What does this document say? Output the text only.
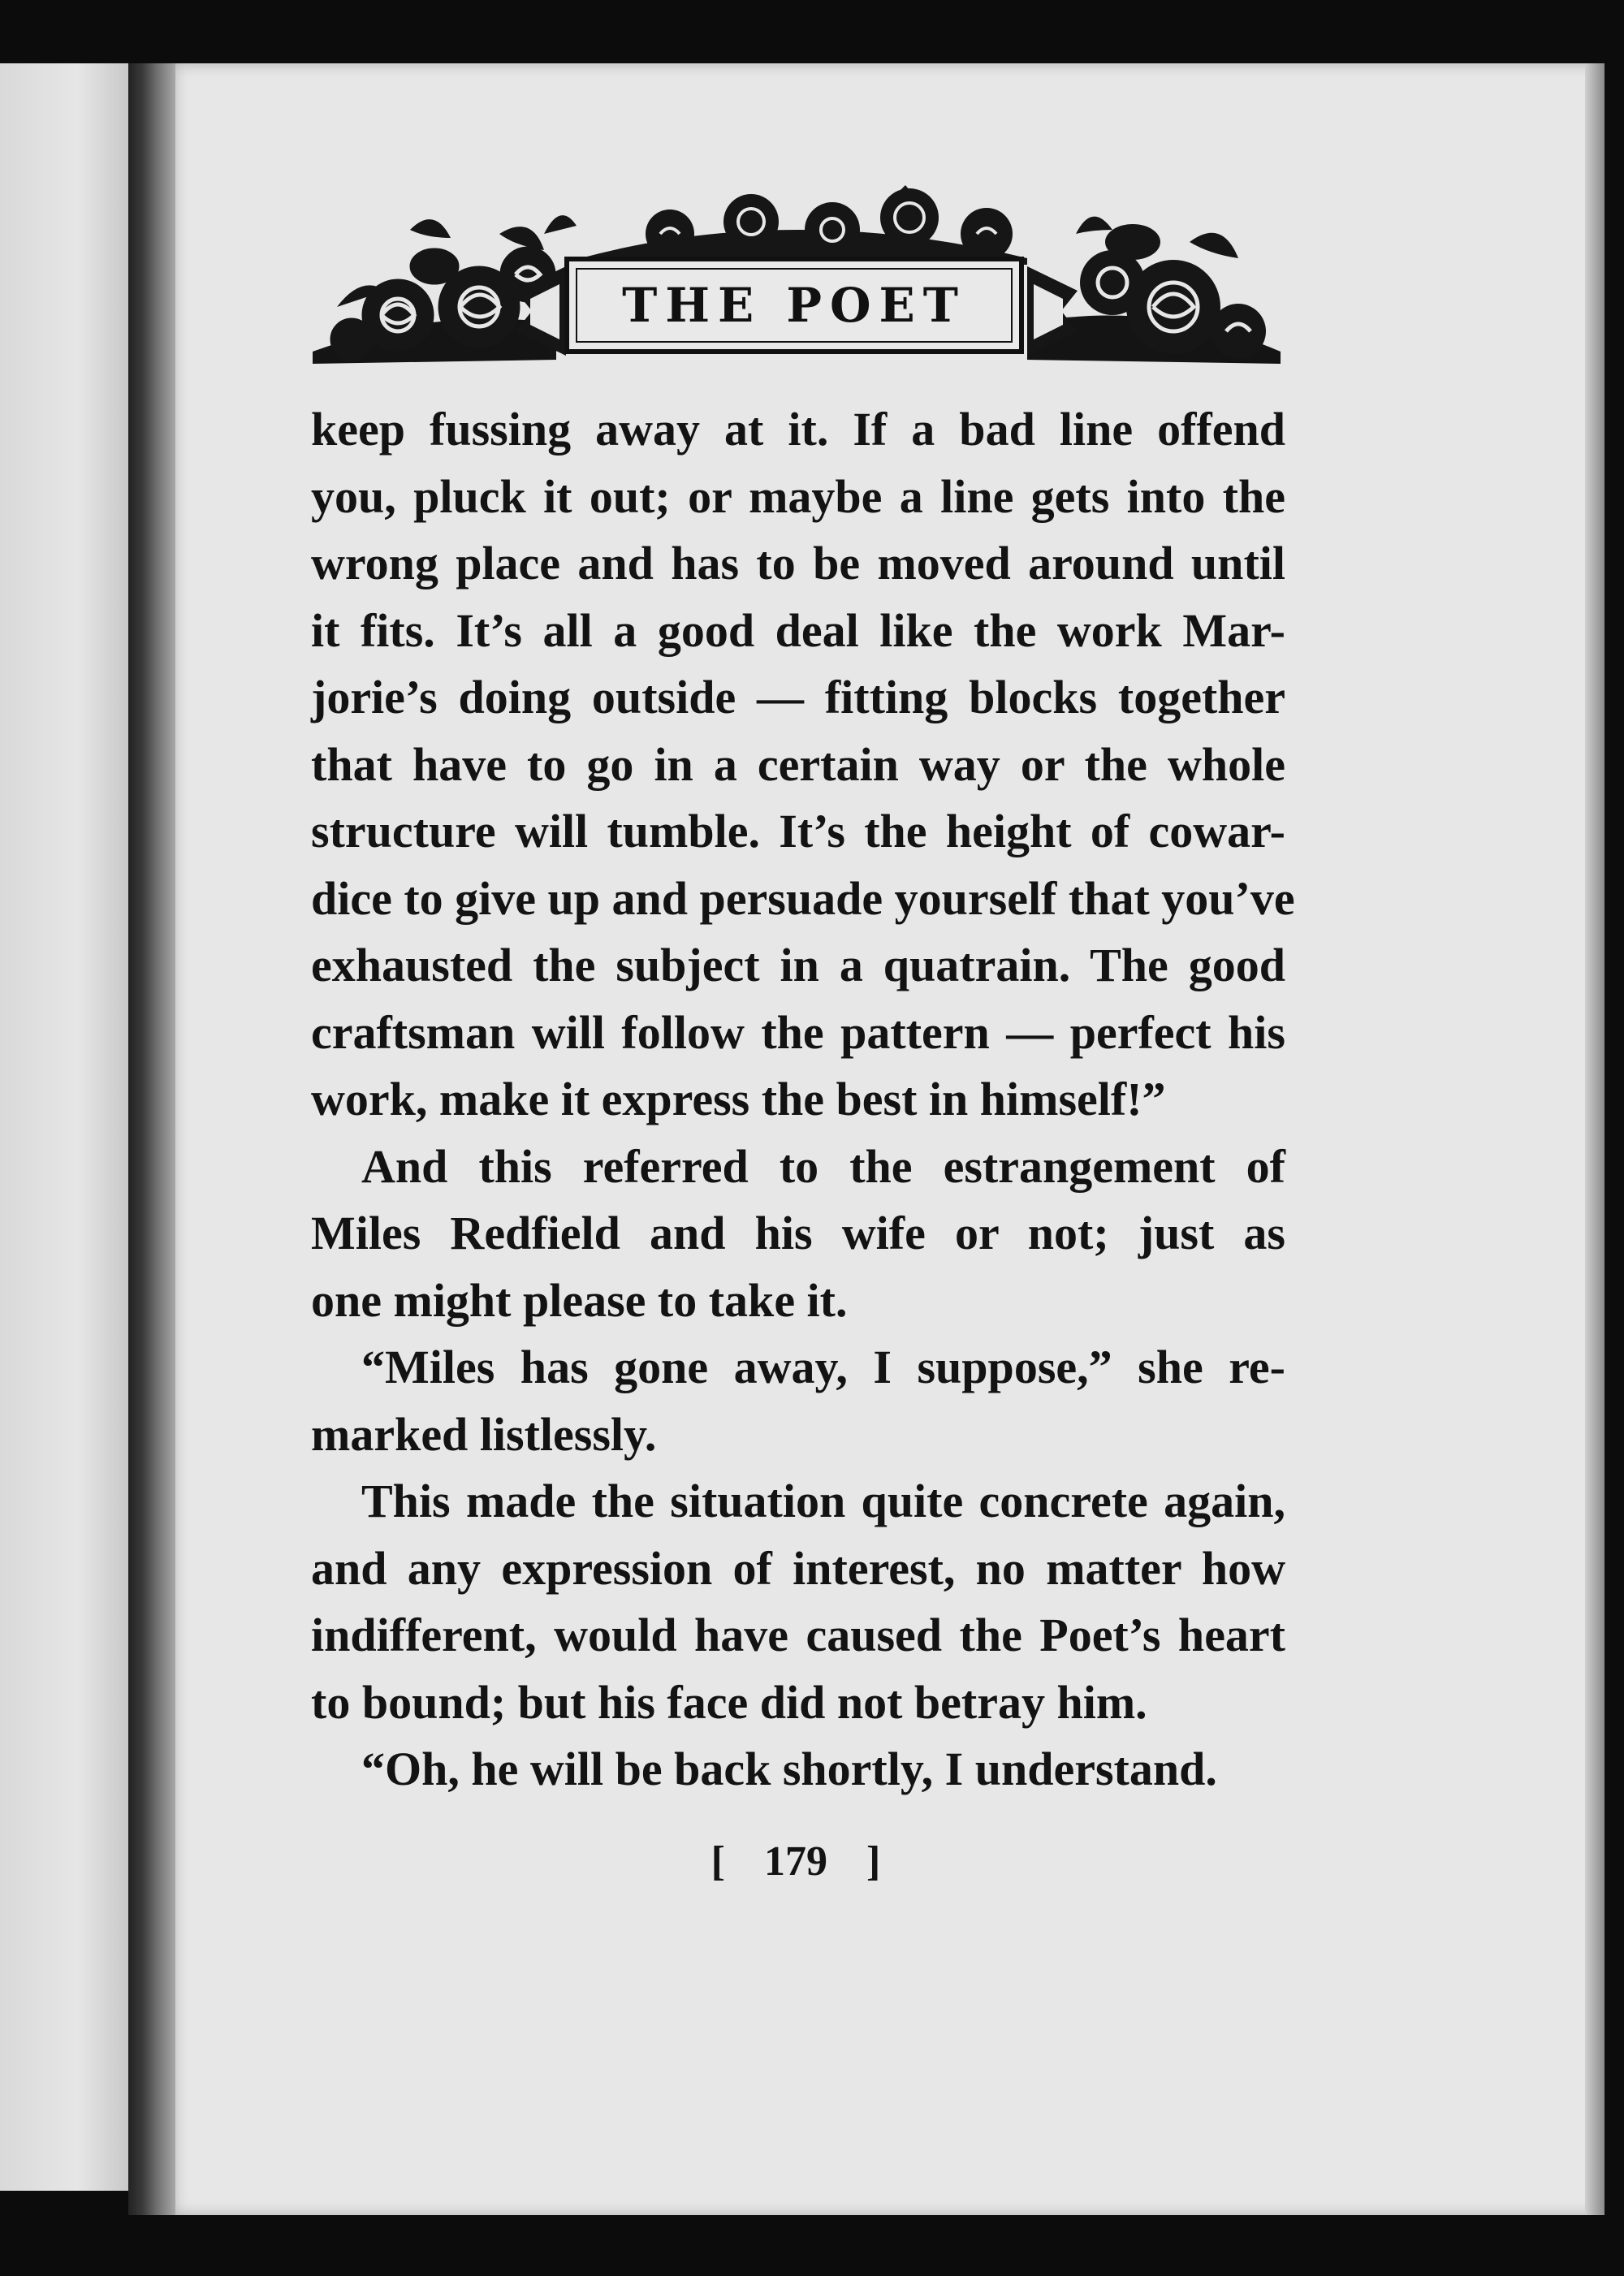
THE POET
keep fussing away at it. If a bad line offend
you, pluck it out; or maybe a line gets into the
wrong place and has to be moved around until
it fits. It’s all a good deal like the work Mar-
jorie’s doing outside — fitting blocks together
that have to go in a certain way or the whole
structure will tumble. It’s the height of cowar-
dice to give up and persuade yourself that you’ve
exhausted the subject in a quatrain. The good
craftsman will follow the pattern — perfect his
work, make it express the best in himself!”
And this referred to the estrangement of
Miles Redfield and his wife or not; just as
one might please to take it.
“Miles has gone away, I suppose,” she re-
marked listlessly.
This made the situation quite concrete again,
and any expression of interest, no matter how
indifferent, would have caused the Poet’s heart
to bound; but his face did not betray him.
“Oh, he will be back shortly, I understand.
[ 179 ]
